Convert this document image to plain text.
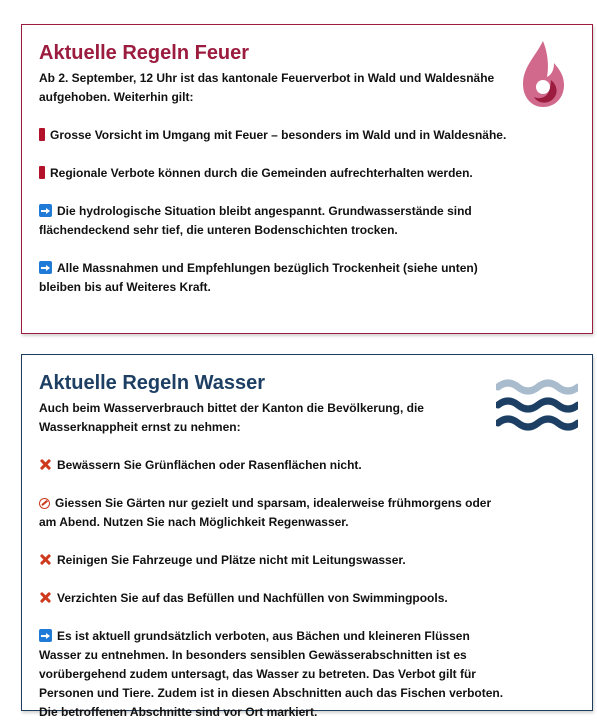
Aktuelle Regeln Feuer

Ab 2. September, 12 Uhr ist das kantonale Feuerverbot in Wald und Waldesnähe aufgehoben. Weiterhin gilt:

Grosse Vorsicht im Umgang mit Feuer – besonders im Wald und in Waldesnähe.

Regionale Verbote können durch die Gemeinden aufrechterhalten werden.

Die hydrologische Situation bleibt angespannt. Grundwasserstände sind flächendeckend sehr tief, die unteren Bodenschichten trocken.

Alle Massnahmen und Empfehlungen bezüglich Trockenheit (siehe unten) bleiben bis auf Weiteres Kraft.

Aktuelle Regeln Wasser

Auch beim Wasserverbrauch bittet der Kanton die Bevölkerung, die Wasserknappheit ernst zu nehmen:

Bewässern Sie Grünflächen oder Rasenflächen nicht.

Giessen Sie Gärten nur gezielt und sparsam, idealerweise frühmorgens oder am Abend. Nutzen Sie nach Möglichkeit Regenwasser.

Reinigen Sie Fahrzeuge und Plätze nicht mit Leitungswasser.

Verzichten Sie auf das Befüllen und Nachfüllen von Swimmingpools.

Es ist aktuell grundsätzlich verboten, aus Bächen und kleineren Flüssen Wasser zu entnehmen. In besonders sensiblen Gewässerabschnitten ist es vorübergehend zudem untersagt, das Wasser zu betreten. Das Verbot gilt für Personen und Tiere. Zudem ist in diesen Abschnitten auch das Fischen verboten. Die betroffenen Abschnitte sind vor Ort markiert.
